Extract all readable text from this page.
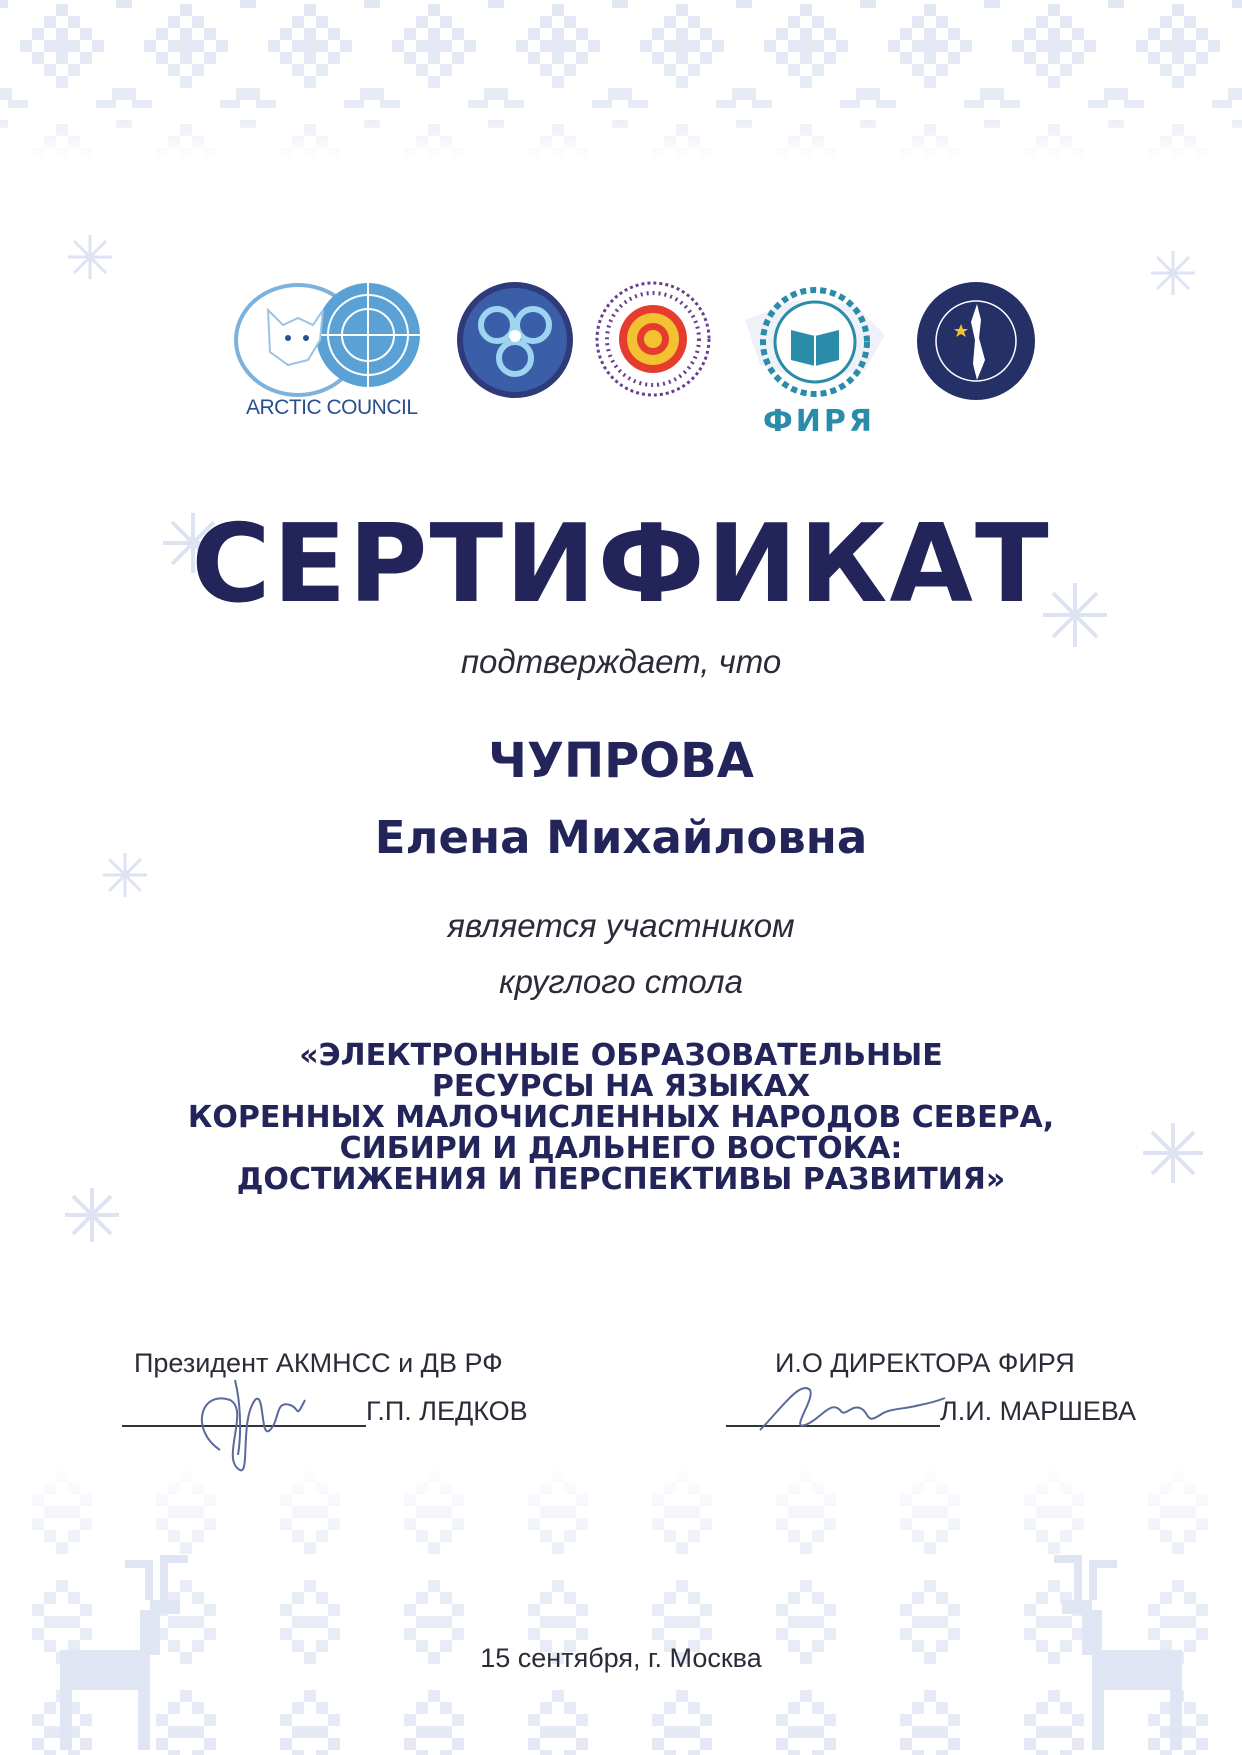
ARCTIC COUNCIL	ФИРЯ
СЕРТИФИКАТ
подтверждает, что
ЧУПРОВА
Елена Михайловна
является участником
круглого стола
«ЭЛЕКТРОННЫЕ ОБРАЗОВАТЕЛЬНЫЕ
РЕСУРСЫ НА ЯЗЫКАХ
КОРЕННЫХ МАЛОЧИСЛЕННЫХ НАРОДОВ СЕВЕРА,
СИБИРИ И ДАЛЬНЕГО ВОСТОКА:
ДОСТИЖЕНИЯ И ПЕРСПЕКТИВЫ РАЗВИТИЯ»
Президент АКМНСС и ДВ РФ
Г.П. ЛЕДКОВ
И.О ДИРЕКТОРА ФИРЯ
Л.И. МАРШЕВА
15 сентября, г. Москва
